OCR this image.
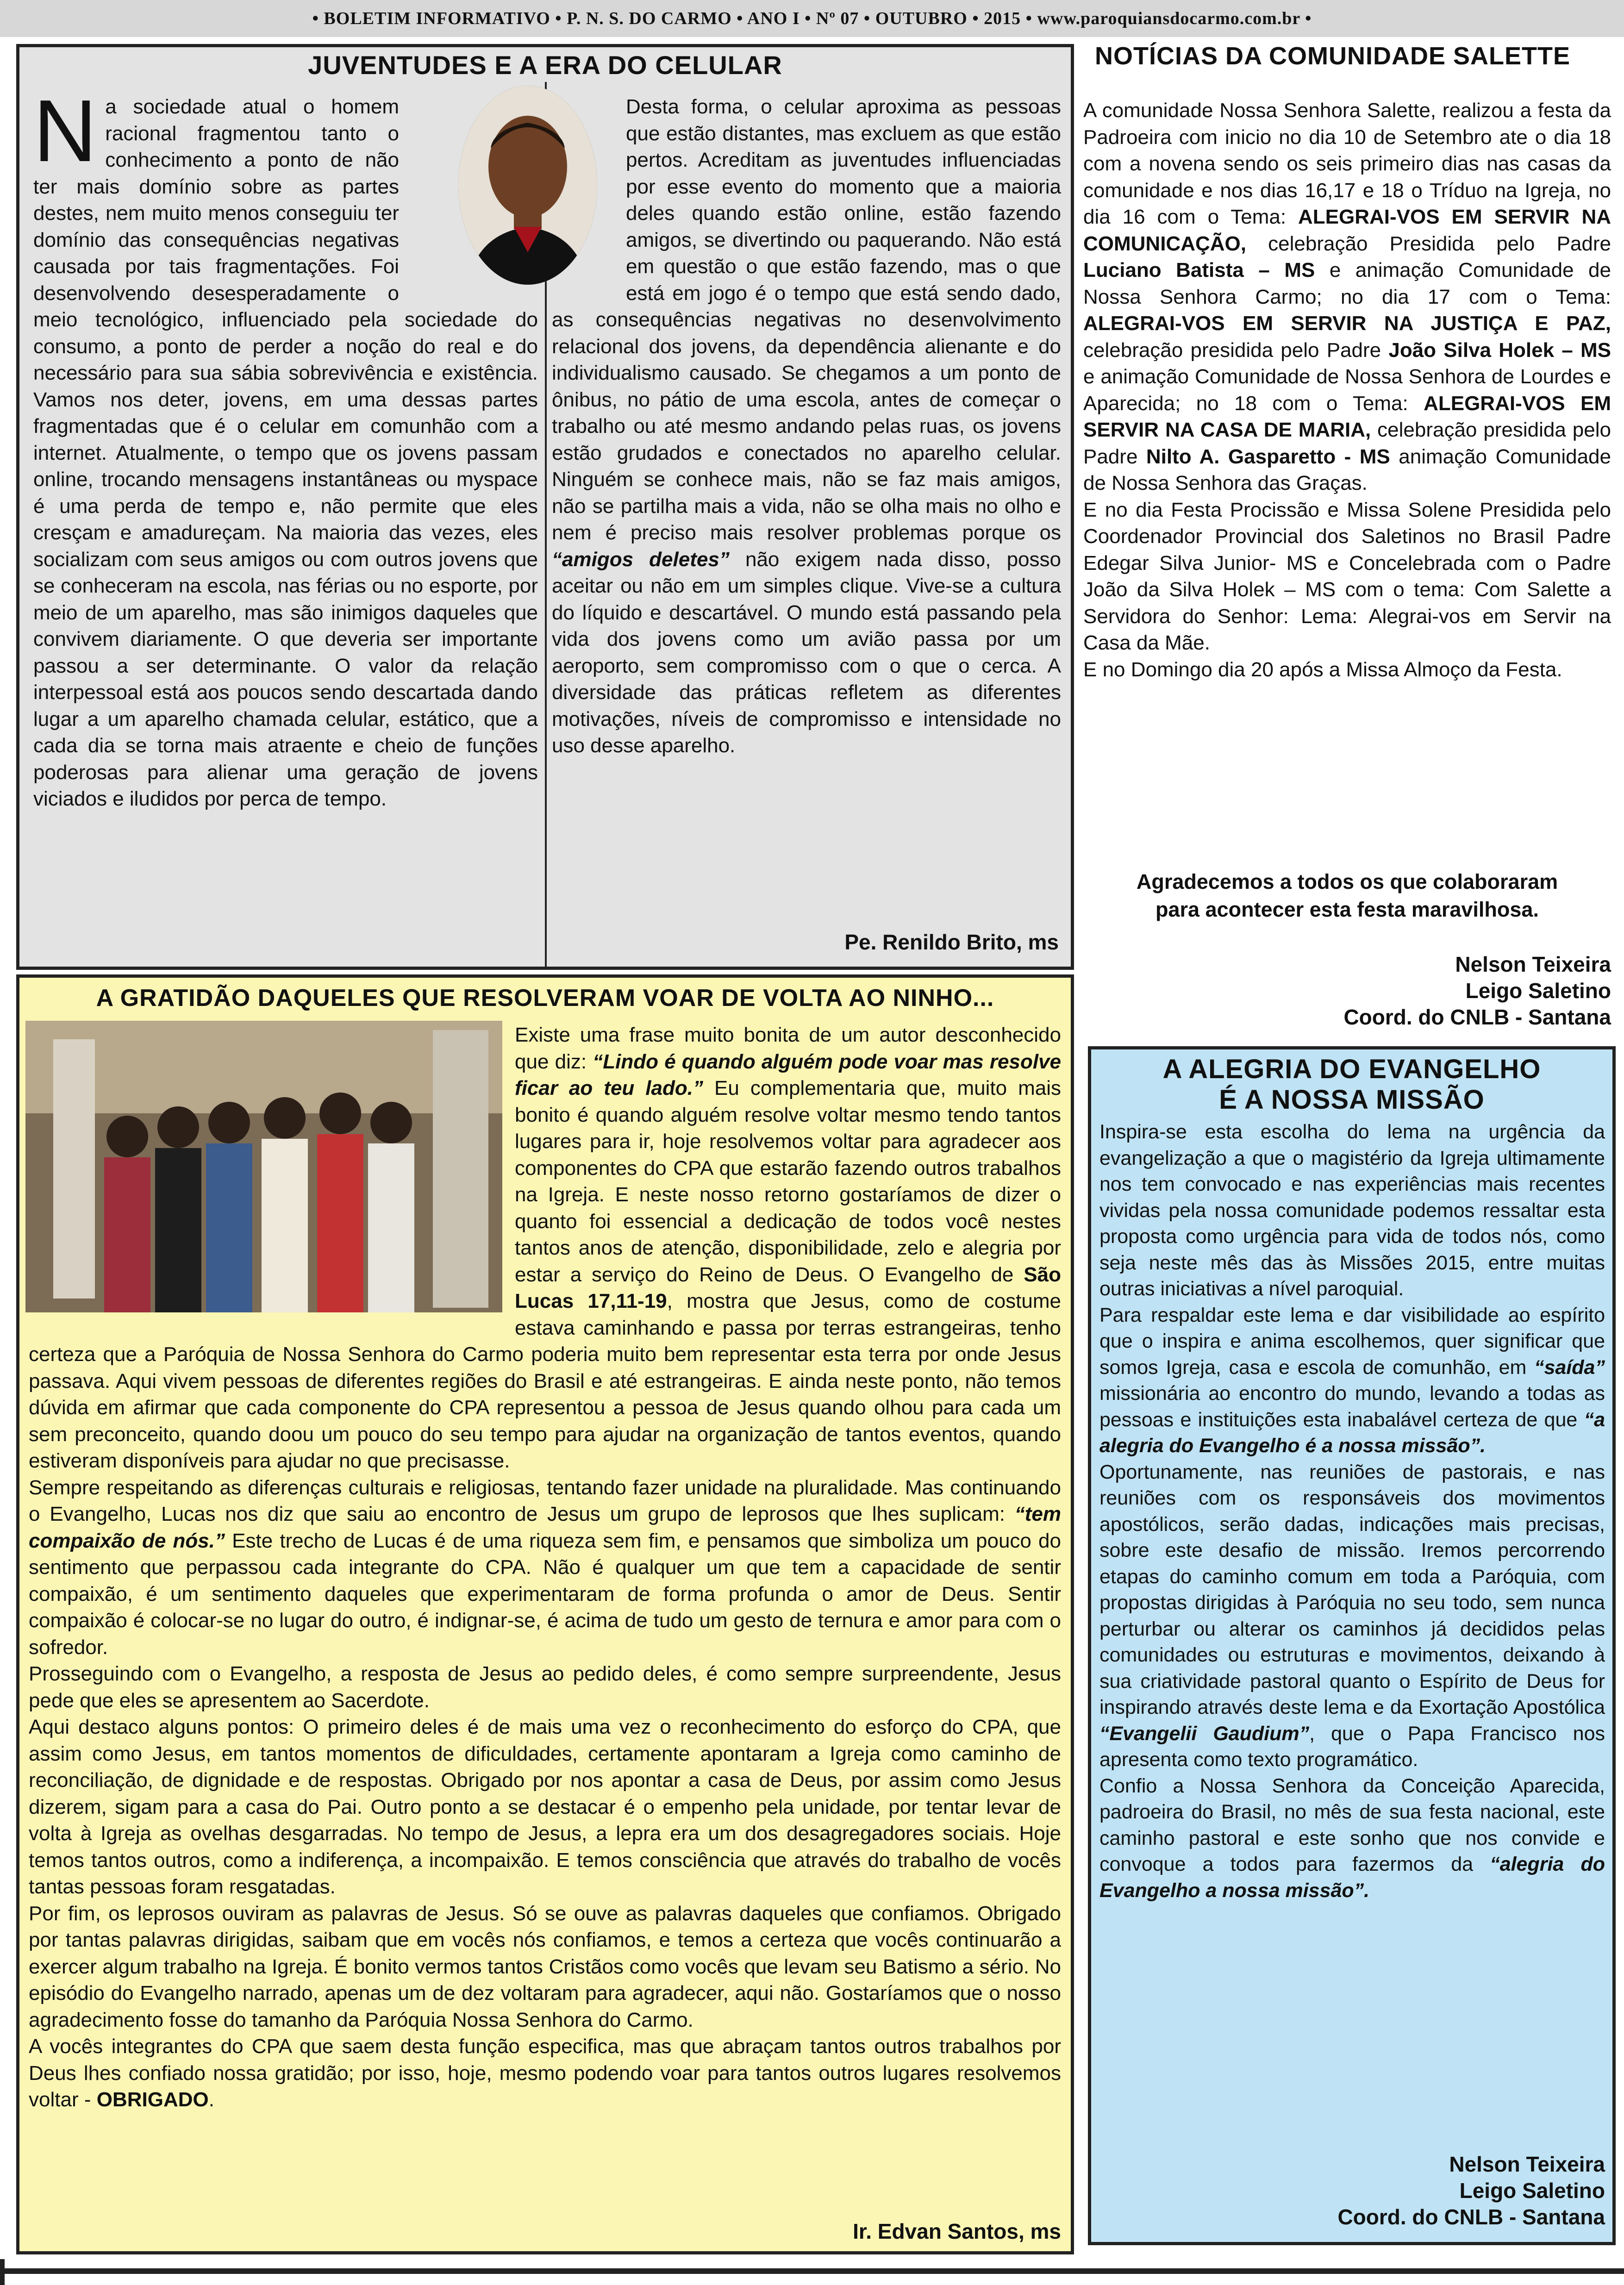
• BOLETIM INFORMATIVO • P. N. S. DO CARMO • ANO I • Nº 07 • OUTUBRO • 2015 • www.paroquiansdocarmo.com.br •
JUVENTUDES E A ERA DO CELULAR
N a sociedade atual o homem racional fragmentou tanto o conhecimento a ponto de não ter mais domínio sobre as partes destes, nem muito menos conseguiu ter domínio das consequências negativas causada por tais fragmentações. Foi desenvolvendo desesperadamente o meio tecnológico, influenciado pela sociedade do consumo, a ponto de perder a noção do real e do necessário para sua sábia sobrevivência e existência. Vamos nos deter, jovens, em uma dessas partes fragmentadas que é o celular em comunhão com a internet. Atualmente, o tempo que os jovens passam online, trocando mensagens instantâneas ou myspace é uma perda de tempo e, não permite que eles cresçam e amadureçam. Na maioria das vezes, eles socializam com seus amigos ou com outros jovens que se conheceram na escola, nas férias ou no esporte, por meio de um aparelho, mas são inimigos daqueles que convivem diariamente. O que deveria ser importante passou a ser determinante. O valor da relação interpessoal está aos poucos sendo descartada dando lugar a um aparelho chamada celular, estático, que a cada dia se torna mais atraente e cheio de funções poderosas para alienar uma geração de jovens viciados e iludidos por perca de tempo.
Desta forma, o celular aproxima as pessoas que estão distantes, mas excluem as que estão pertos. Acreditam as juventudes influenciadas por esse evento do momento que a maioria deles quando estão online, estão fazendo amigos, se divertindo ou paquerando. Não está em questão o que estão fazendo, mas o que está em jogo é o tempo que está sendo dado, as consequências negativas no desenvolvimento relacional dos jovens, da dependência alienante e do individualismo causado. Se chegamos a um ponto de ônibus, no pátio de uma escola, antes de começar o trabalho ou até mesmo andando pelas ruas, os jovens estão grudados e conectados no aparelho celular. Ninguém se conhece mais, não se faz mais amigos, não se partilha mais a vida, não se olha mais no olho e nem é preciso mais resolver problemas porque os “amigos deletes” não exigem nada disso, posso aceitar ou não em um simples clique. Vive-se a cultura do líquido e descartável. O mundo está passando pela vida dos jovens como um avião passa por um aeroporto, sem compromisso com o que o cerca. A diversidade das práticas refletem as diferentes motivações, níveis de compromisso e intensidade no uso desse aparelho.
Pe. Renildo Brito, ms
NOTÍCIAS DA COMUNIDADE SALETTE

A comunidade Nossa Senhora Salette, realizou a festa da Padroeira com inicio no dia 10 de Setembro ate o dia 18 com a novena sendo os seis primeiro dias nas casas da comunidade e nos dias 16,17 e 18 o Tríduo na Igreja, no dia 16 com o Tema: ALEGRAI-VOS EM SERVIR NA COMUNICAÇÃO, celebração Presidida pelo Padre Luciano Batista – MS e animação Comunidade de Nossa Senhora Carmo; no dia 17 com o Tema: ALEGRAI-VOS EM SERVIR NA JUSTIÇA E PAZ, celebração presidida pelo Padre João Silva Holek – MS e animação Comunidade de Nossa Senhora de Lourdes e Aparecida; no 18 com o Tema: ALEGRAI-VOS EM SERVIR NA CASA DE MARIA, celebração presidida pelo Padre Nilto A. Gasparetto - MS animação Comunidade de Nossa Senhora das Graças.

E no dia Festa Procissão e Missa Solene Presidida pelo Coordenador Provincial dos Saletinos no Brasil Padre Edegar Silva Junior- MS e Concelebrada com o Padre João da Silva Holek – MS com o tema: Com Salette a Servidora do Senhor: Lema: Alegrai-vos em Servir na Casa da Mãe.

E no Domingo dia 20 após a Missa Almoço da Festa.

Agradecemos a todos os que colaboraram
para acontecer esta festa maravilhosa.
Nelson Teixeira
Leigo Saletino
Coord. do CNLB - Santana
A GRATIDÃO DAQUELES QUE RESOLVERAM VOAR DE VOLTA AO NINHO...

Existe uma frase muito bonita de um autor desconhecido que diz: “Lindo é quando alguém pode voar mas resolve ficar ao teu lado.” Eu complementaria que, muito mais bonito é quando alguém resolve voltar mesmo tendo tantos lugares para ir, hoje resolvemos voltar para agradecer aos componentes do CPA que estarão fazendo outros trabalhos na Igreja. E neste nosso retorno gostaríamos de dizer o quanto foi essencial a dedicação de todos você nestes tantos anos de atenção, disponibilidade, zelo e alegria por estar a serviço do Reino de Deus. O Evangelho de São Lucas 17,11-19, mostra que Jesus, como de costume estava caminhando e passa por terras estrangeiras, tenho certeza que a Paróquia de Nossa Senhora do Carmo poderia muito bem representar esta terra por onde Jesus passava. Aqui vivem pessoas de diferentes regiões do Brasil e até estrangeiras. E ainda neste ponto, não temos dúvida em afirmar que cada componente do CPA representou a pessoa de Jesus quando olhou para cada um sem preconceito, quando doou um pouco do seu tempo para ajudar na organização de tantos eventos, quando estiveram disponíveis para ajudar no que precisasse.

Sempre respeitando as diferenças culturais e religiosas, tentando fazer unidade na pluralidade. Mas continuando o Evangelho, Lucas nos diz que saiu ao encontro de Jesus um grupo de leprosos que lhes suplicam: “tem compaixão de nós.” Este trecho de Lucas é de uma riqueza sem fim, e pensamos que simboliza um pouco do sentimento que perpassou cada integrante do CPA. Não é qualquer um que tem a capacidade de sentir compaixão, é um sentimento daqueles que experimentaram de forma profunda o amor de Deus. Sentir compaixão é colocar-se no lugar do outro, é indignar-se, é acima de tudo um gesto de ternura e amor para com o sofredor.

Prosseguindo com o Evangelho, a resposta de Jesus ao pedido deles, é como sempre surpreendente, Jesus pede que eles se apresentem ao Sacerdote.

Aqui destaco alguns pontos: O primeiro deles é de mais uma vez o reconhecimento do esforço do CPA, que assim como Jesus, em tantos momentos de dificuldades, certamente apontaram a Igreja como caminho de reconciliação, de dignidade e de respostas. Obrigado por nos apontar a casa de Deus, por assim como Jesus dizerem, sigam para a casa do Pai. Outro ponto a se destacar é o empenho pela unidade, por tentar levar de volta à Igreja as ovelhas desgarradas. No tempo de Jesus, a lepra era um dos desagregadores sociais. Hoje temos tantos outros, como a indiferença, a incompaixão. E temos consciência que através do trabalho de vocês tantas pessoas foram resgatadas.

Por fim, os leprosos ouviram as palavras de Jesus. Só se ouve as palavras daqueles que confiamos. Obrigado por tantas palavras dirigidas, saibam que em vocês nós confiamos, e temos a certeza que vocês continuarão a exercer algum trabalho na Igreja. É bonito vermos tantos Cristãos como vocês que levam seu Batismo a sério. No episódio do Evangelho narrado, apenas um de dez voltaram para agradecer, aqui não. Gostaríamos que o nosso agradecimento fosse do tamanho da Paróquia Nossa Senhora do Carmo.

A vocês integrantes do CPA que saem desta função especifica, mas que abraçam tantos outros trabalhos por Deus lhes confiado nossa gratidão; por isso, hoje, mesmo podendo voar para tantos outros lugares resolvemos voltar - OBRIGADO.

Ir. Edvan Santos, ms
A ALEGRIA DO EVANGELHO
É A NOSSA MISSÃO

Inspira-se esta escolha do lema na urgência da evangelização a que o magistério da Igreja ultimamente nos tem convocado e nas experiências mais recentes vividas pela nossa comunidade podemos ressaltar esta proposta como urgência para vida de todos nós, como seja neste mês das às Missões 2015, entre muitas outras iniciativas a nível paroquial.

Para respaldar este lema e dar visibilidade ao espírito que o inspira e anima escolhemos, quer significar que somos Igreja, casa e escola de comunhão, em “saída” missionária ao encontro do mundo, levando a todas as pessoas e instituições esta inabalável certeza de que “a alegria do Evangelho é a nossa missão”.

Oportunamente, nas reuniões de pastorais, e nas reuniões com os responsáveis dos movimentos apostólicos, serão dadas, indicações mais precisas, sobre este desafio de missão. Iremos percorrendo etapas do caminho comum em toda a Paróquia, com propostas dirigidas à Paróquia no seu todo, sem nunca perturbar ou alterar os caminhos já decididos pelas comunidades ou estruturas e movimentos, deixando à sua criatividade pastoral quanto o Espírito de Deus for inspirando através deste lema e da Exortação Apostólica “Evangelii Gaudium”, que o Papa Francisco nos apresenta como texto programático.

Confio a Nossa Senhora da Conceição Aparecida, padroeira do Brasil, no mês de sua festa nacional, este caminho pastoral e este sonho que nos convide e convoque a todos para fazermos da “alegria do Evangelho a nossa missão”.

Nelson Teixeira
Leigo Saletino
Coord. do CNLB - Santana
